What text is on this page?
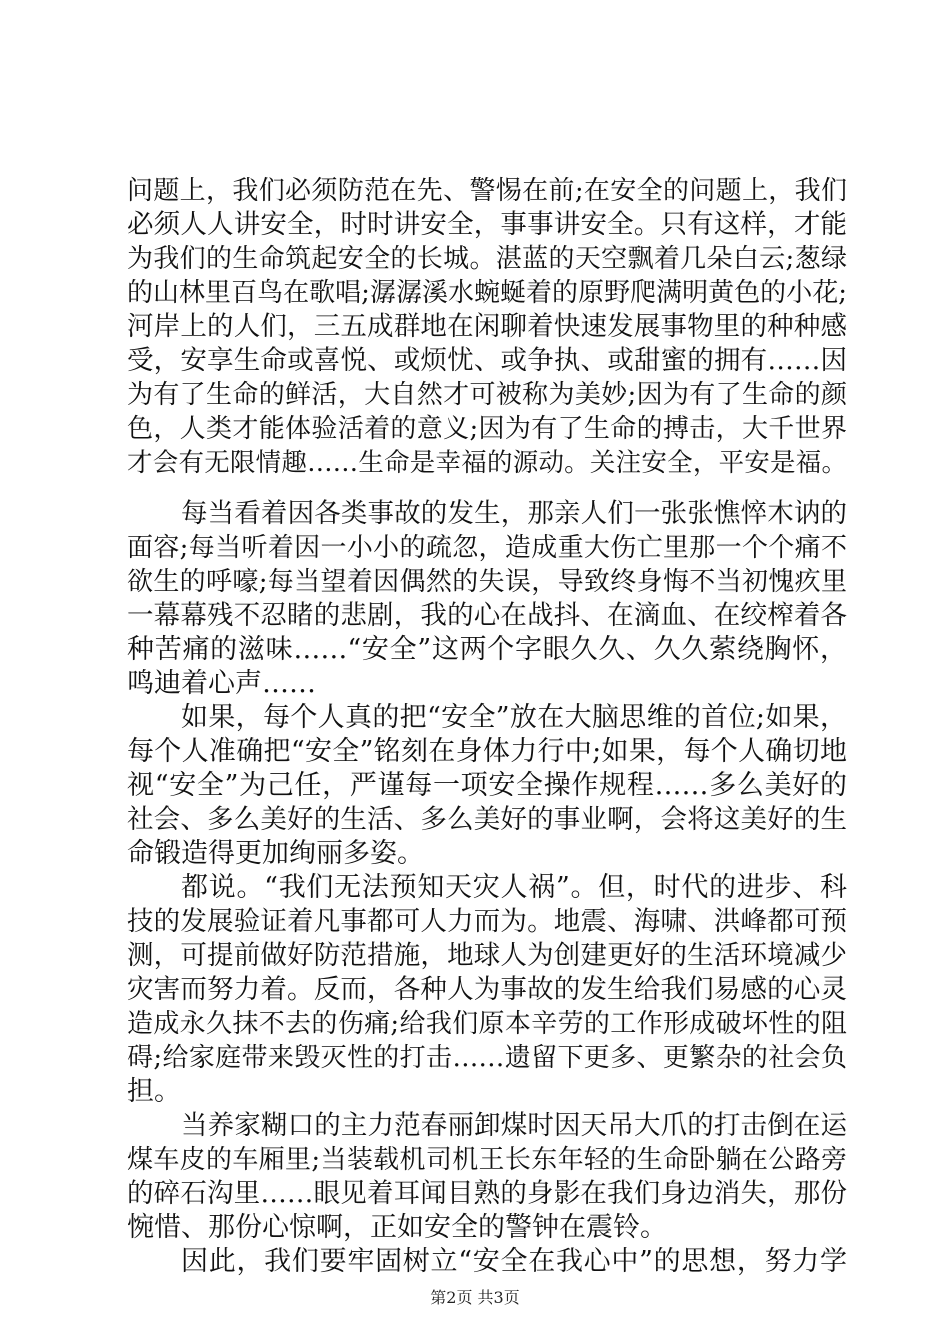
问题上，我们必须防范在先、警惕在前;在安全的问题上，我们
必须人人讲安全，时时讲安全，事事讲安全。只有这样，才能
为我们的生命筑起安全的长城。湛蓝的天空飘着几朵白云;葱绿
的山林里百鸟在歌唱;潺潺溪水蜿蜒着的原野爬满明黄色的小花;
河岸上的人们，三五成群地在闲聊着快速发展事物里的种种感
受，安享生命或喜悦、或烦忧、或争执、或甜蜜的拥有……因
为有了生命的鲜活，大自然才可被称为美妙;因为有了生命的颜
色，人类才能体验活着的意义;因为有了生命的搏击，大千世界
才会有无限情趣……生命是幸福的源动。关注安全，平安是福。
每当看着因各类事故的发生，那亲人们一张张憔悴木讷的
面容;每当听着因一小小的疏忽，造成重大伤亡里那一个个痛不
欲生的呼嚎;每当望着因偶然的失误，导致终身悔不当初愧疚里
一幕幕残不忍睹的悲剧，我的心在战抖、在滴血、在绞榨着各
种苦痛的滋味……“安全”这两个字眼久久、久久萦绕胸怀，
鸣迪着心声……
如果，每个人真的把“安全”放在大脑思维的首位;如果，
每个人准确把“安全”铭刻在身体力行中;如果，每个人确切地
视“安全”为己任，严谨每一项安全操作规程……多么美好的
社会、多么美好的生活、多么美好的事业啊，会将这美好的生
命锻造得更加绚丽多姿。
都说。“我们无法预知天灾人祸”。但，时代的进步、科
技的发展验证着凡事都可人力而为。地震、海啸、洪峰都可预
测，可提前做好防范措施，地球人为创建更好的生活环境减少
灾害而努力着。反而，各种人为事故的发生给我们易感的心灵
造成永久抹不去的伤痛;给我们原本辛劳的工作形成破坏性的阻
碍;给家庭带来毁灭性的打击……遗留下更多、更繁杂的社会负
担。
当养家糊口的主力范春丽卸煤时因天吊大爪的打击倒在运
煤车皮的车厢里;当装载机司机王长东年轻的生命卧躺在公路旁
的碎石沟里……眼见着耳闻目熟的身影在我们身边消失，那份
惋惜、那份心惊啊，正如安全的警钟在震铃。
因此，我们要牢固树立“安全在我心中”的思想，努力学
第2页 共3页
